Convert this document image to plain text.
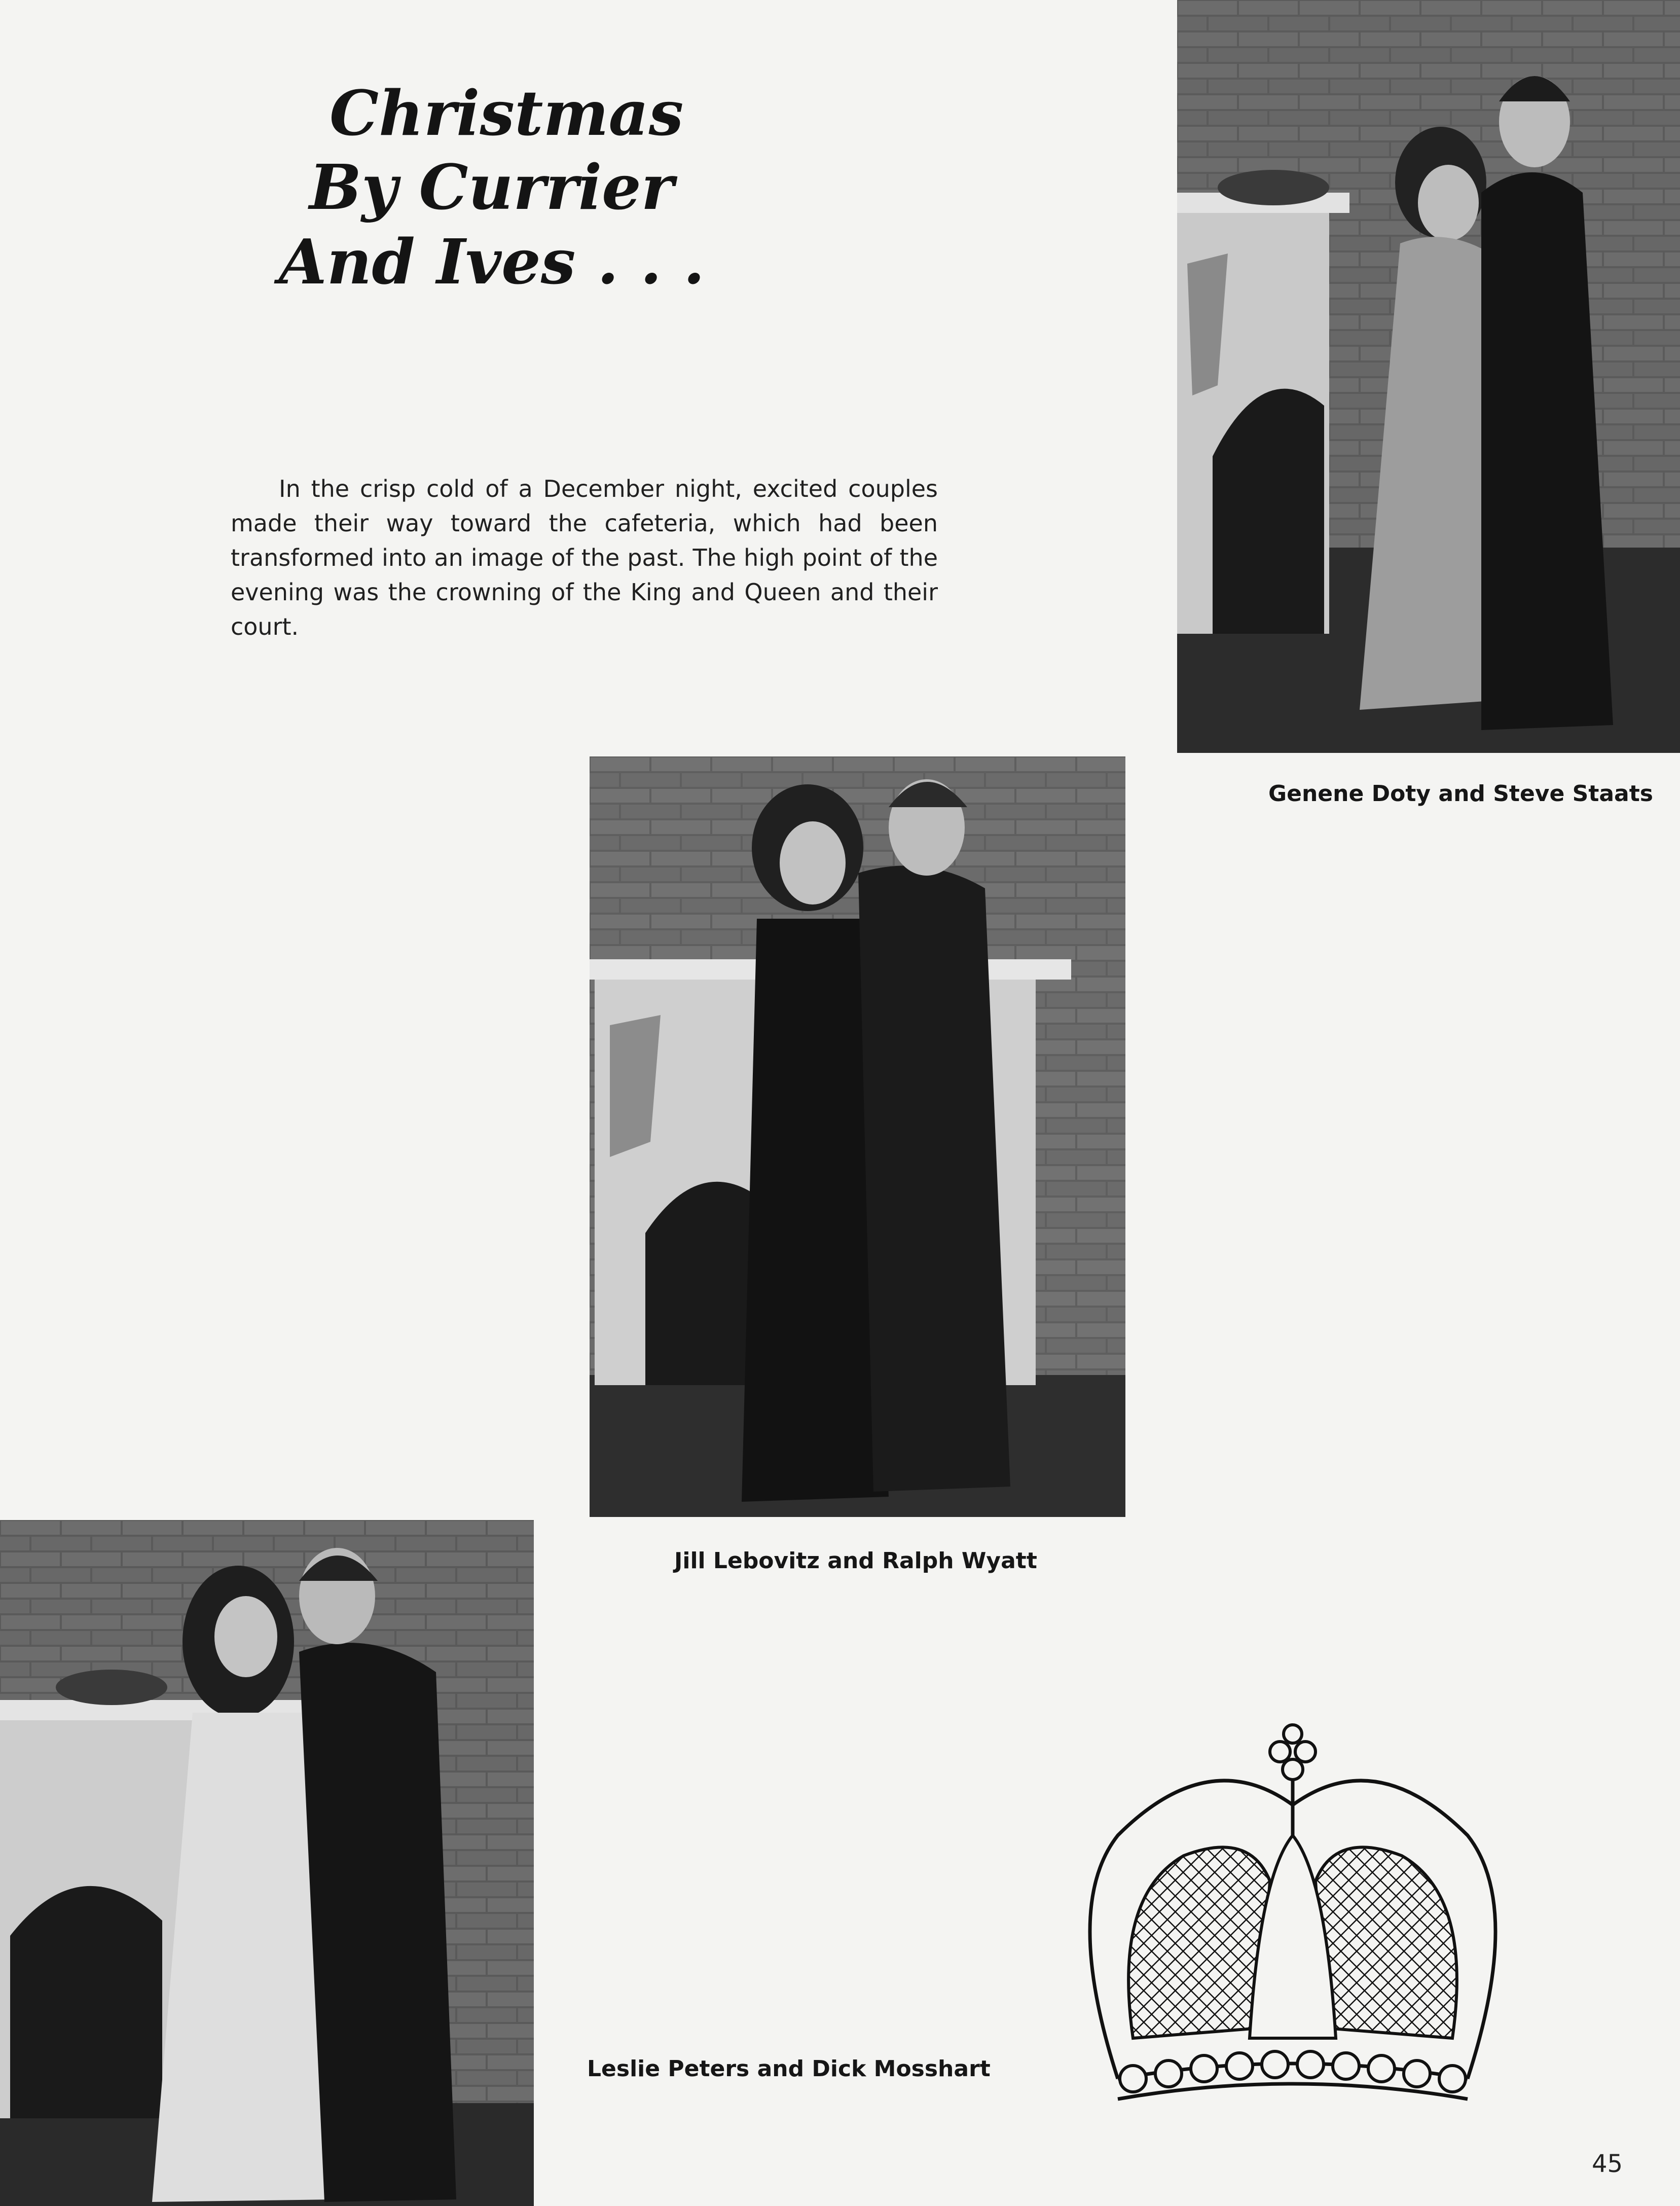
Christmas
By Currier
And Ives . . .
In the crisp cold of a December night, excited couples made their way toward the cafeteria, which had been transformed into an image of the past. The high point of the evening was the crowning of the King and Queen and their court.
Genene Doty and Steve Staats
Jill Lebovitz and Ralph Wyatt
Leslie Peters and Dick Mosshart
45
